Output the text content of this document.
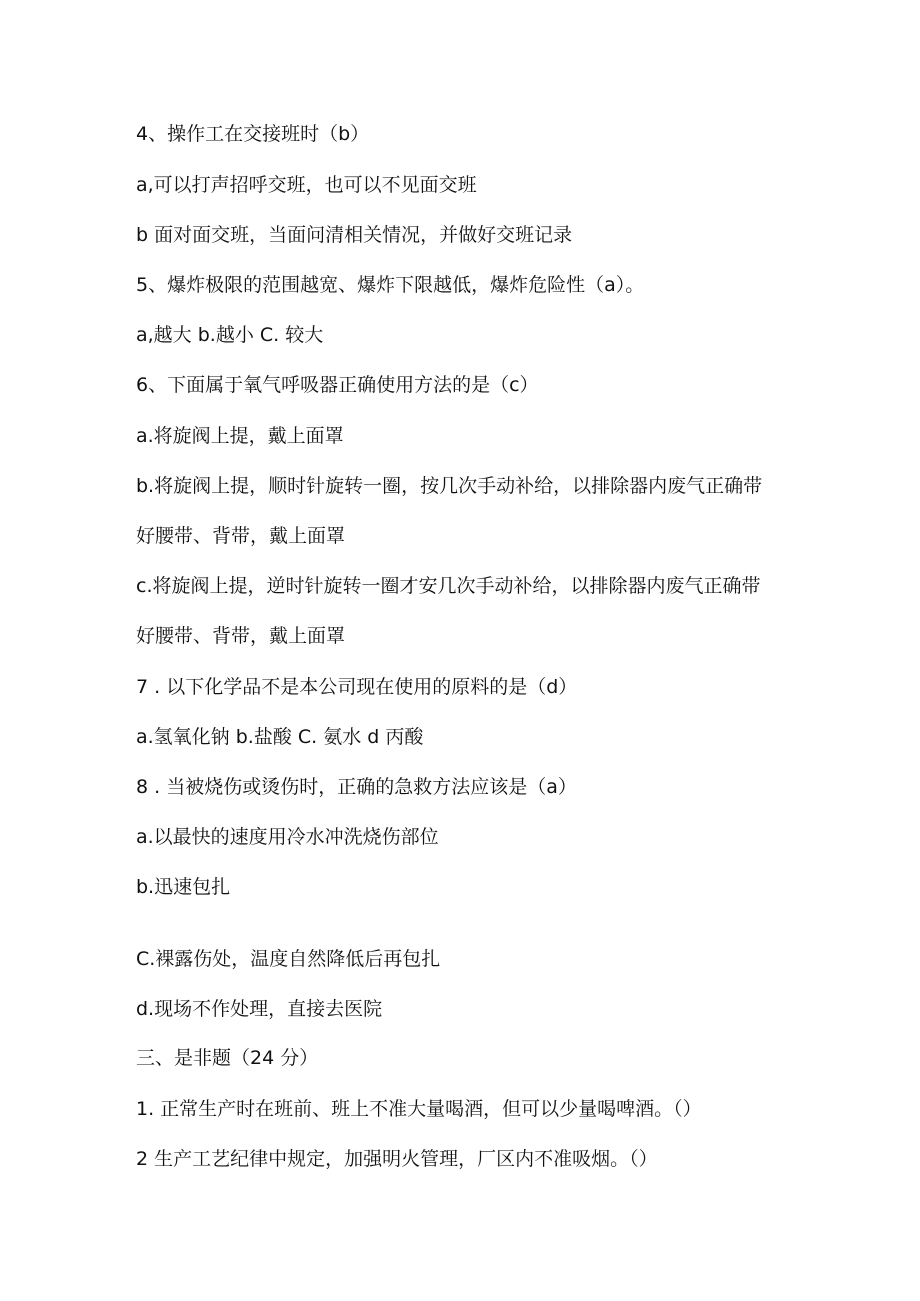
4、操作工在交接班时（b）
a,可以打声招呼交班，也可以不见面交班
b 面对面交班，当面问清相关情况，并做好交班记录
5、爆炸极限的范围越宽、爆炸下限越低，爆炸危险性（a）。
a,越大 b.越小 C. 较大
6、下面属于氧气呼吸器正确使用方法的是（c）
a.将旋阀上提，戴上面罩
b.将旋阀上提，顺时针旋转一圈，按几次手动补给，以排除器内废气正确带
好腰带、背带，戴上面罩
c.将旋阀上提，逆时针旋转一圈才安几次手动补给，以排除器内废气正确带
好腰带、背带，戴上面罩
7 . 以下化学品不是本公司现在使用的原料的是（d）
a.氢氧化钠 b.盐酸 C. 氨水 d 丙酸
8 . 当被烧伤或烫伤时，正确的急救方法应该是（a）
a.以最快的速度用冷水冲洗烧伤部位
b.迅速包扎
C.裸露伤处，温度自然降低后再包扎
d.现场不作处理，直接去医院
三、是非题（24 分）
1. 正常生产时在班前、班上不准大量喝酒，但可以少量喝啤酒。（）
2 生产工艺纪律中规定，加强明火管理，厂区内不准吸烟。（）
